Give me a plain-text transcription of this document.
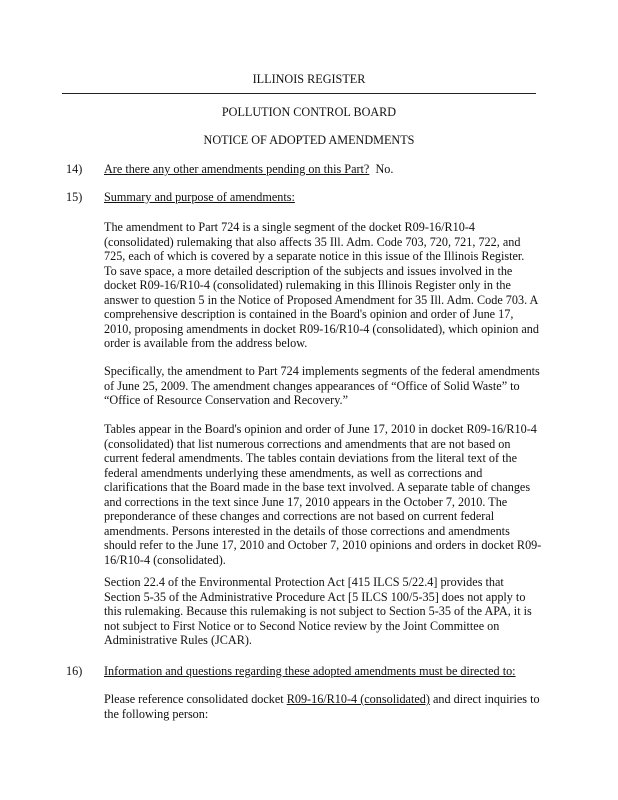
ILLINOIS REGISTER
POLLUTION CONTROL BOARD
NOTICE OF ADOPTED AMENDMENTS
14) Are there any other amendments pending on this Part? No.
15) Summary and purpose of amendments:
The amendment to Part 724 is a single segment of the docket R09-16/R10-4
(consolidated) rulemaking that also affects 35 Ill. Adm. Code 703, 720, 721, 722, and
725, each of which is covered by a separate notice in this issue of the Illinois Register.
To save space, a more detailed description of the subjects and issues involved in the
docket R09-16/R10-4 (consolidated) rulemaking in this Illinois Register only in the
answer to question 5 in the Notice of Proposed Amendment for 35 Ill. Adm. Code 703. A
comprehensive description is contained in the Board's opinion and order of June 17,
2010, proposing amendments in docket R09-16/R10-4 (consolidated), which opinion and
order is available from the address below.
Specifically, the amendment to Part 724 implements segments of the federal amendments
of June 25, 2009. The amendment changes appearances of “Office of Solid Waste” to
“Office of Resource Conservation and Recovery.”
Tables appear in the Board's opinion and order of June 17, 2010 in docket R09-16/R10-4
(consolidated) that list numerous corrections and amendments that are not based on
current federal amendments. The tables contain deviations from the literal text of the
federal amendments underlying these amendments, as well as corrections and
clarifications that the Board made in the base text involved. A separate table of changes
and corrections in the text since June 17, 2010 appears in the October 7, 2010. The
preponderance of these changes and corrections are not based on current federal
amendments. Persons interested in the details of those corrections and amendments
should refer to the June 17, 2010 and October 7, 2010 opinions and orders in docket R09-
16/R10-4 (consolidated).
Section 22.4 of the Environmental Protection Act [415 ILCS 5/22.4] provides that
Section 5-35 of the Administrative Procedure Act [5 ILCS 100/5-35] does not apply to
this rulemaking. Because this rulemaking is not subject to Section 5-35 of the APA, it is
not subject to First Notice or to Second Notice review by the Joint Committee on
Administrative Rules (JCAR).
16) Information and questions regarding these adopted amendments must be directed to:
Please reference consolidated docket R09-16/R10-4 (consolidated) and direct inquiries to
the following person:
